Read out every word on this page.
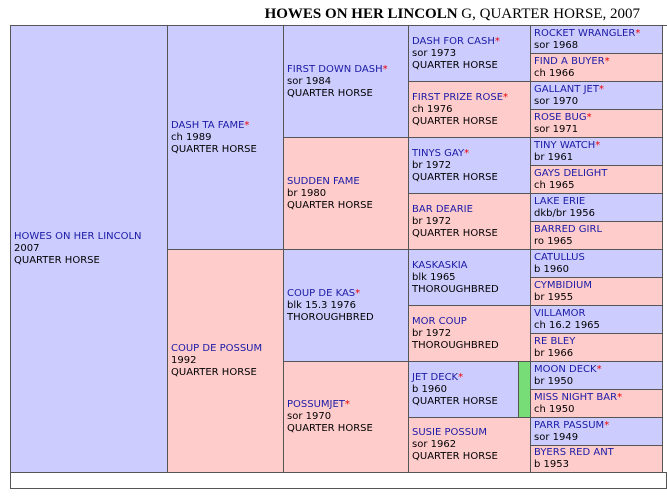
HOWES ON HER LINCOLN G, QUARTER HORSE, 2007
HOWES ON HER LINCOLN
2007
QUARTER HORSE
DASH TA FAME*
ch 1989
QUARTER HORSE
COUP DE POSSUM
1992
QUARTER HORSE
FIRST DOWN DASH*
sor 1984
QUARTER HORSE
SUDDEN FAME
br 1980
QUARTER HORSE
COUP DE KAS*
blk 15.3 1976
THOROUGHBRED
POSSUMJET*
sor 1970
QUARTER HORSE
DASH FOR CASH*
sor 1973
QUARTER HORSE
FIRST PRIZE ROSE*
ch 1976
QUARTER HORSE
TINYS GAY*
br 1972
QUARTER HORSE
BAR DEARIE
br 1972
QUARTER HORSE
KASKASKIA
blk 1965
THOROUGHBRED
MOR COUP
br 1972
THOROUGHBRED
JET DECK*
b 1960
QUARTER HORSE
SUSIE POSSUM
sor 1962
QUARTER HORSE
ROCKET WRANGLER*
sor 1968
FIND A BUYER*
ch 1966
GALLANT JET*
sor 1970
ROSE BUG*
sor 1971
TINY WATCH*
br 1961
GAYS DELIGHT
ch 1965
LAKE ERIE
dkb/br 1956
BARRED GIRL
ro 1965
CATULLUS
b 1960
CYMBIDIUM
br 1955
VILLAMOR
ch 16.2 1965
RE BLEY
br 1966
MOON DECK*
br 1950
MISS NIGHT BAR*
ch 1950
PARR PASSUM*
sor 1949
BYERS RED ANT
b 1953
